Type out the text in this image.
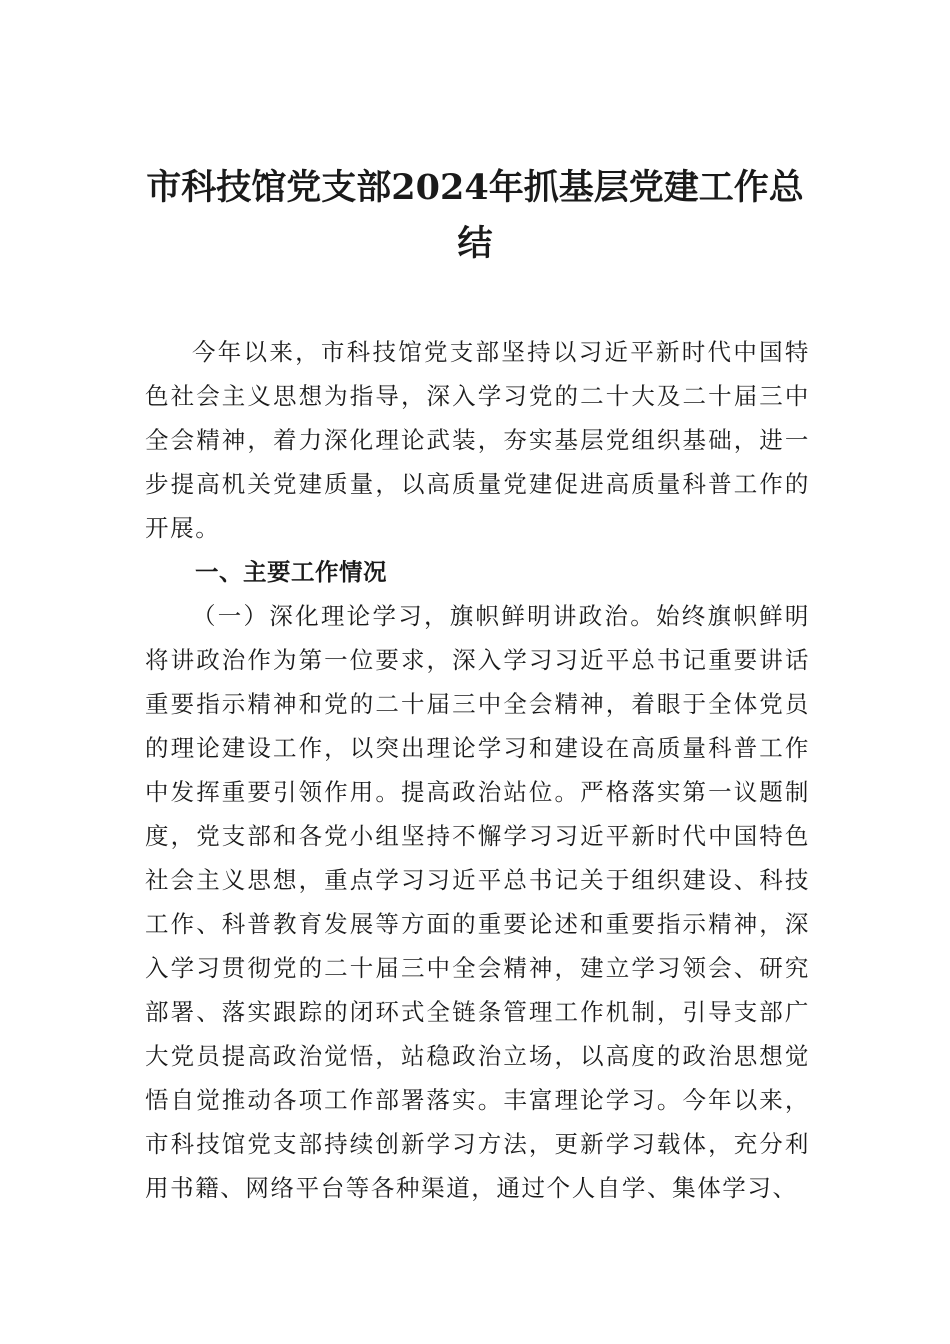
市科技馆党支部2024年抓基层党建工作总
结

今年以来，市科技馆党支部坚持以习近平新时代中国特色社会主义思想为指导，深入学习党的二十大及二十届三中全会精神，着力深化理论武装，夯实基层党组织基础，进一步提高机关党建质量，以高质量党建促进高质量科普工作的开展。

一、主要工作情况

（一）深化理论学习，旗帜鲜明讲政治。始终旗帜鲜明将讲政治作为第一位要求，深入学习习近平总书记重要讲话重要指示精神和党的二十届三中全会精神，着眼于全体党员的理论建设工作，以突出理论学习和建设在高质量科普工作中发挥重要引领作用。提高政治站位。严格落实第一议题制度，党支部和各党小组坚持不懈学习习近平新时代中国特色社会主义思想，重点学习习近平总书记关于组织建设、科技工作、科普教育发展等方面的重要论述和重要指示精神，深入学习贯彻党的二十届三中全会精神，建立学习领会、研究部署、落实跟踪的闭环式全链条管理工作机制，引导支部广大党员提高政治觉悟，站稳政治立场，以高度的政治思想觉悟自觉推动各项工作部署落实。丰富理论学习。今年以来，市科技馆党支部持续创新学习方法，更新学习载体，充分利用书籍、网络平台等各种渠道，通过个人自学、集体学习、
